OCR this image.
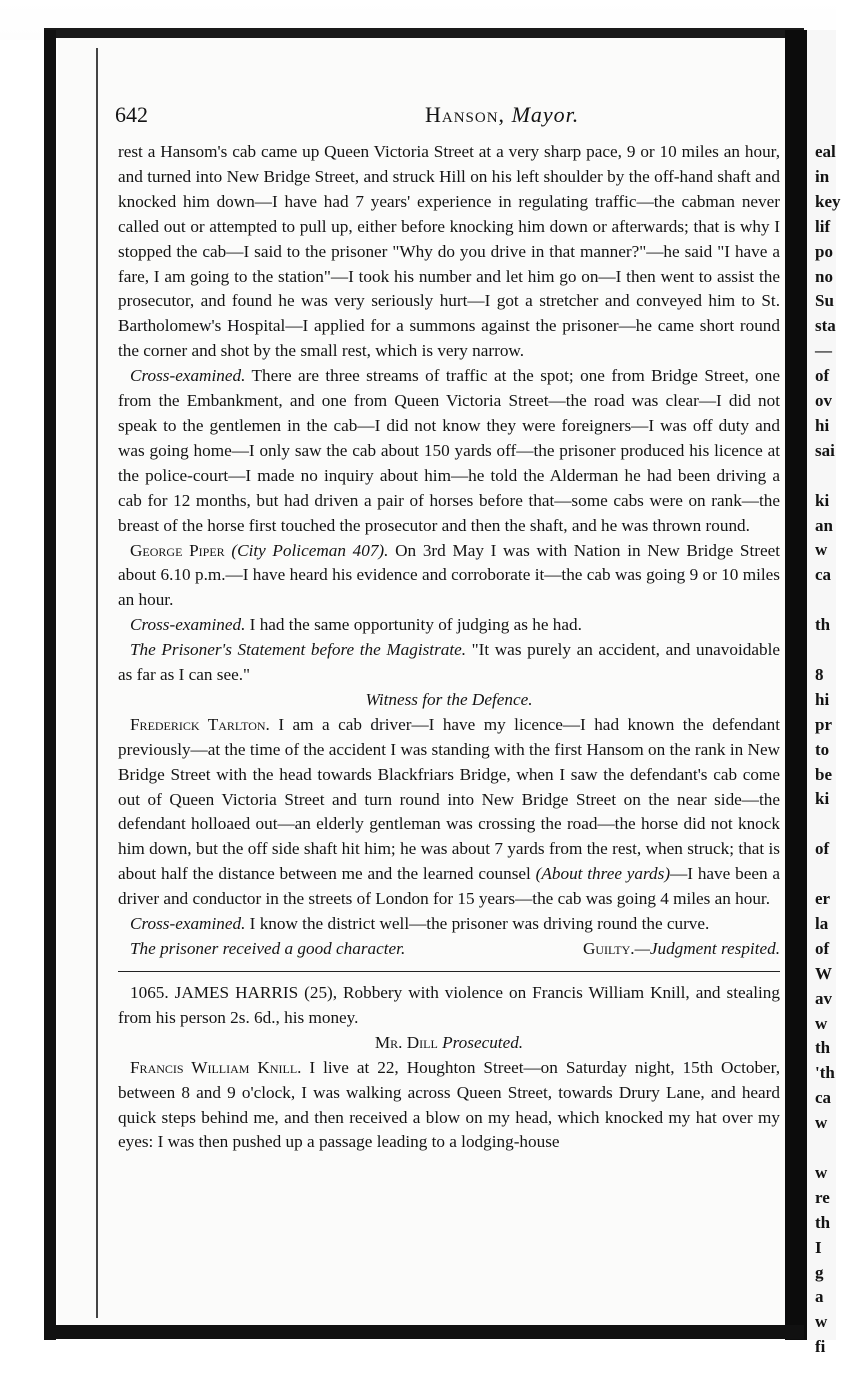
eal
in
key
lif
po
no
Su
sta
—
of
ov
hi
sai
ki
an
w
ca
th
8
hi
pr
to
be
ki
of
er
la
of
W
av
w
th
'th
ca
w
w
re
th
I
g
a
w
fi
642	Hanson, Mayor.

rest a Hansom's cab came up Queen Victoria Street at a very sharp pace, 9 or 10 miles an hour, and turned into New Bridge Street, and struck Hill on his left shoulder by the off-hand shaft and knocked him down—I have had 7 years' experience in regulating traffic—the cabman never called out or attempted to pull up, either before knocking him down or afterwards; that is why I stopped the cab—I said to the prisoner "Why do you drive in that manner?"—he said "I have a fare, I am going to the station"—I took his number and let him go on—I then went to assist the prosecutor, and found he was very seriously hurt—I got a stretcher and conveyed him to St. Bartholomew's Hospital—I applied for a summons against the prisoner—he came short round the corner and shot by the small rest, which is very narrow.

Cross-examined. There are three streams of traffic at the spot; one from Bridge Street, one from the Embankment, and one from Queen Victoria Street—the road was clear—I did not speak to the gentlemen in the cab—I did not know they were foreigners—I was off duty and was going home—I only saw the cab about 150 yards off—the prisoner produced his licence at the police-court—I made no inquiry about him—he told the Alderman he had been driving a cab for 12 months, but had driven a pair of horses before that—some cabs were on rank—the breast of the horse first touched the prosecutor and then the shaft, and he was thrown round.

George Piper (City Policeman 407). On 3rd May I was with Nation in New Bridge Street about 6.10 p.m.—I have heard his evidence and corroborate it—the cab was going 9 or 10 miles an hour.

Cross-examined. I had the same opportunity of judging as he had.

The Prisoner's Statement before the Magistrate. "It was purely an accident, and unavoidable as far as I can see."

Witness for the Defence.

Frederick Tarlton. I am a cab driver—I have my licence—I had known the defendant previously—at the time of the accident I was standing with the first Hansom on the rank in New Bridge Street with the head towards Blackfriars Bridge, when I saw the defendant's cab come out of Queen Victoria Street and turn round into New Bridge Street on the near side—the defendant holloaed out—an elderly gentleman was crossing the road—the horse did not knock him down, but the off side shaft hit him; he was about 7 yards from the rest, when struck; that is about half the distance between me and the learned counsel (About three yards)—I have been a driver and conductor in the streets of London for 15 years—the cab was going 4 miles an hour.

Cross-examined. I know the district well—the prisoner was driving round the curve.

The prisoner received a good character.	Guilty.—Judgment respited.

1065. JAMES HARRIS (25), Robbery with violence on Francis William Knill, and stealing from his person 2s. 6d., his money.

Mr. Dill Prosecuted.

Francis William Knill. I live at 22, Houghton Street—on Saturday night, 15th October, between 8 and 9 o'clock, I was walking across Queen Street, towards Drury Lane, and heard quick steps behind me, and then received a blow on my head, which knocked my hat over my eyes: I was then pushed up a passage leading to a lodging-house
